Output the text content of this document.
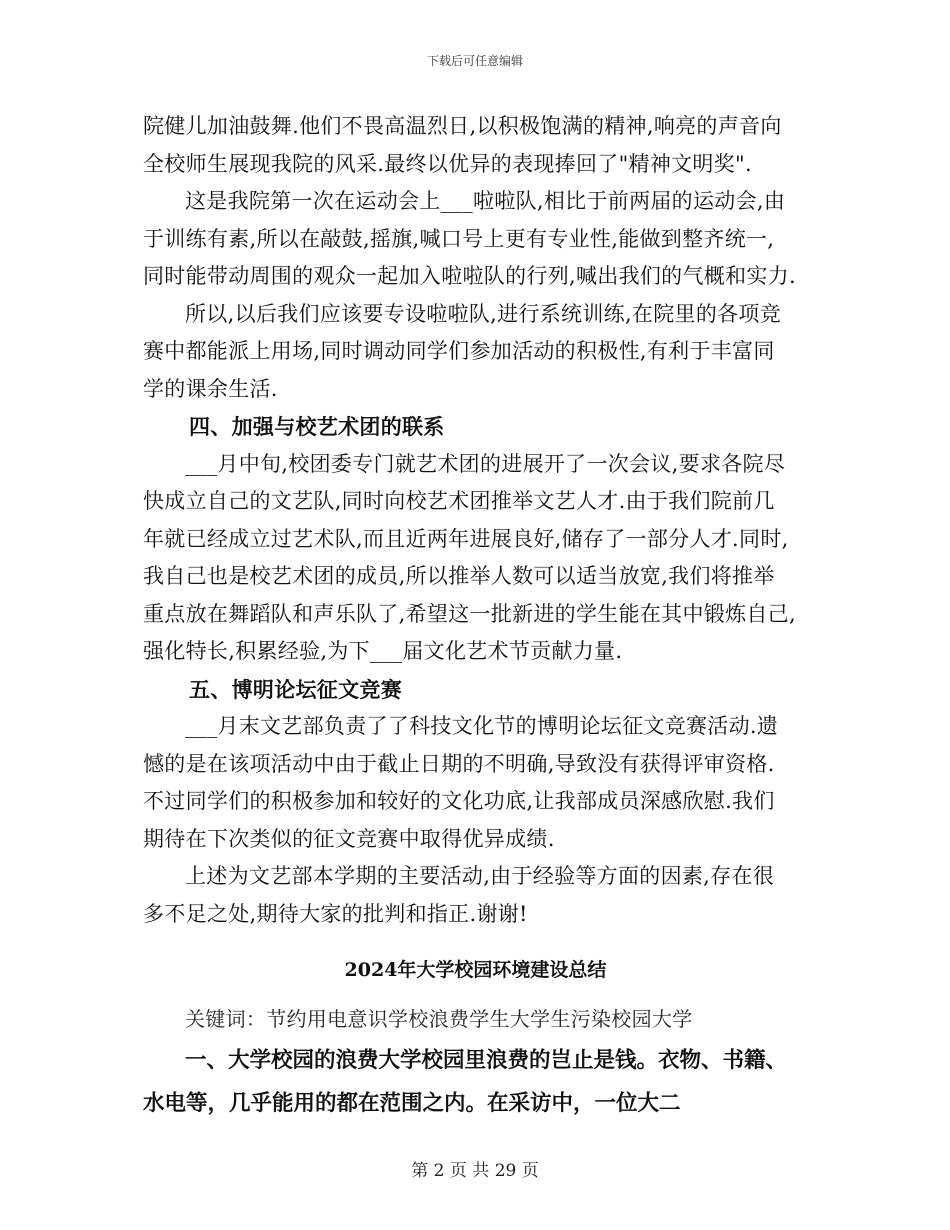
下载后可任意编辑
院健儿加油鼓舞.他们不畏高温烈日,以积极饱满的精神,响亮的声音向
全校师生展现我院的风采.最终以优异的表现捧回了"精神文明奖".
这是我院第一次在运动会上___啦啦队,相比于前两届的运动会,由
于训练有素,所以在敲鼓,摇旗,喊口号上更有专业性,能做到整齐统一,
同时能带动周围的观众一起加入啦啦队的行列,喊出我们的气概和实力.
所以,以后我们应该要专设啦啦队,进行系统训练,在院里的各项竞
赛中都能派上用场,同时调动同学们参加活动的积极性,有利于丰富同
学的课余生活.
四、加强与校艺术团的联系
___月中旬,校团委专门就艺术团的进展开了一次会议,要求各院尽
快成立自己的文艺队,同时向校艺术团推举文艺人才.由于我们院前几
年就已经成立过艺术队,而且近两年进展良好,储存了一部分人才.同时,
我自己也是校艺术团的成员,所以推举人数可以适当放宽,我们将推举
重点放在舞蹈队和声乐队了,希望这一批新进的学生能在其中锻炼自己,
强化特长,积累经验,为下___届文化艺术节贡献力量.
五、博明论坛征文竞赛
___月末文艺部负责了了科技文化节的博明论坛征文竞赛活动.遗
憾的是在该项活动中由于截止日期的不明确,导致没有获得评审资格.
不过同学们的积极参加和较好的文化功底,让我部成员深感欣慰.我们
期待在下次类似的征文竞赛中取得优异成绩.
上述为文艺部本学期的主要活动,由于经验等方面的因素,存在很
多不足之处,期待大家的批判和指正.谢谢!
2024年大学校园环境建设总结
关键词：节约用电意识学校浪费学生大学生污染校园大学
一、大学校园的浪费大学校园里浪费的岂止是钱。衣物、书籍、
水电等，几乎能用的都在范围之内。在采访中，一位大二
第 2 页 共 29 页
